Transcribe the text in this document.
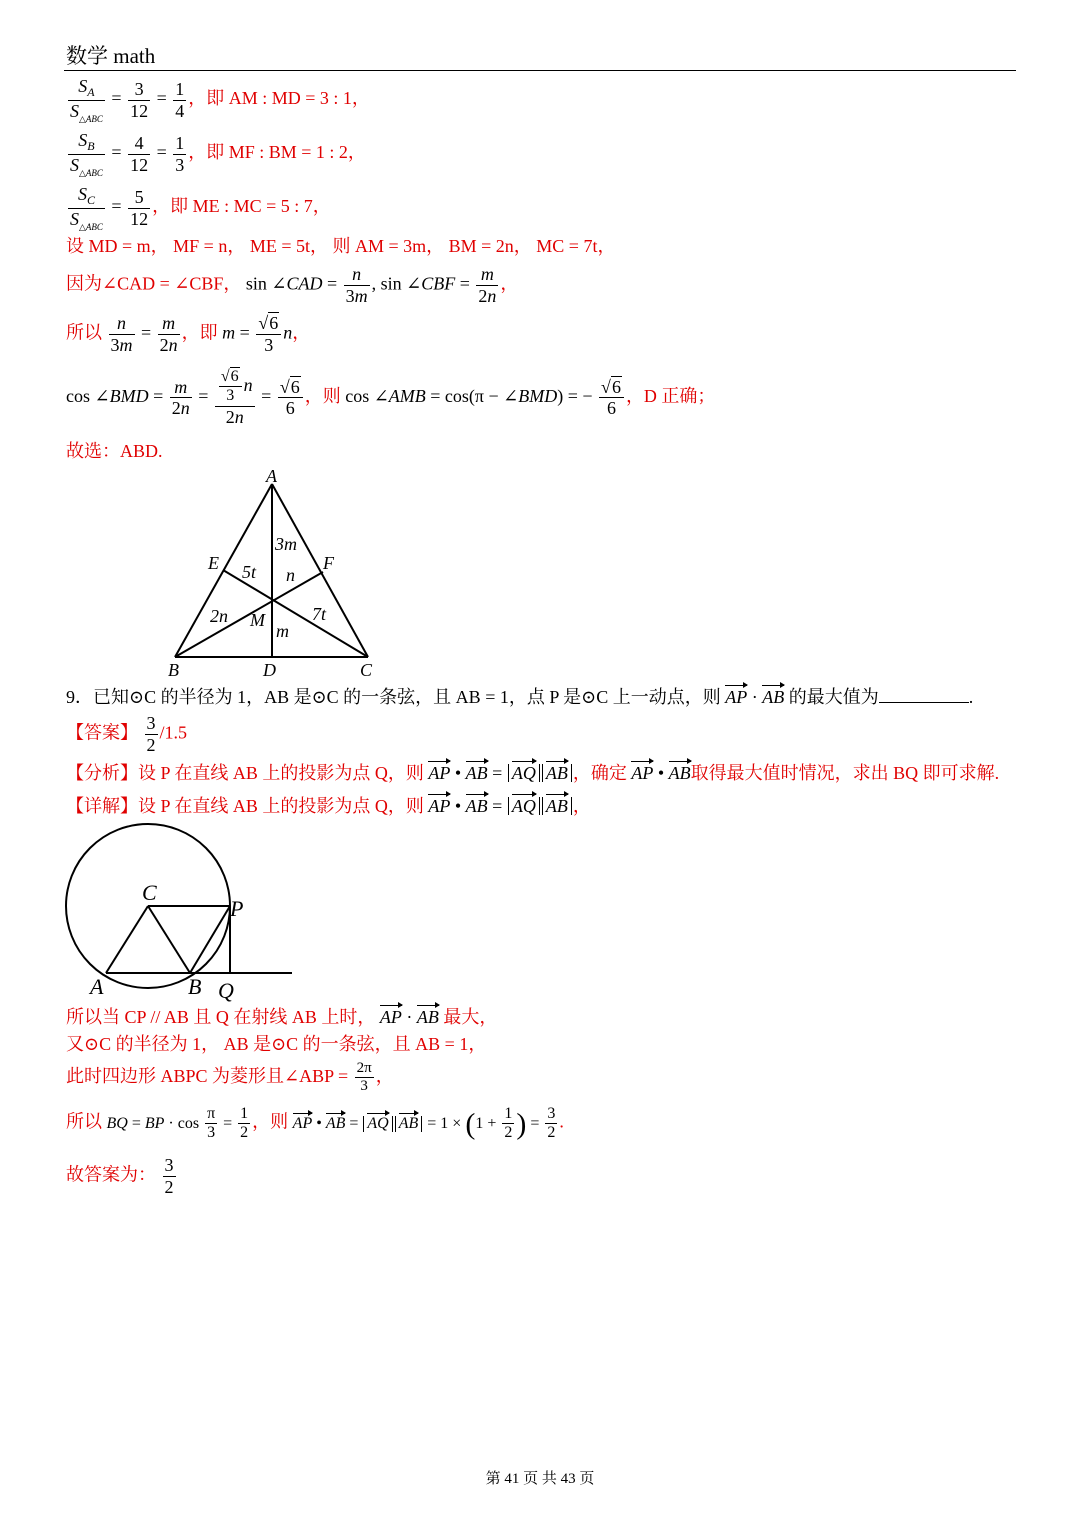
数学 math
$\frac{S_A}{S_{\triangle ABC}} = \frac{3}{12} = \frac{1}{4}$ ，即 AM : MD = 3 : 1，
$\frac{S_B}{S_{\triangle ABC}} = \frac{4}{12} = \frac{1}{3}$ ，即 MF : BM = 1 : 2，
$\frac{S_C}{S_{\triangle ABC}} = \frac{5}{12}$ ，即 ME : MC = 5 : 7，
设 MD = m， MF = n， ME = 5t， 则 AM = 3m， BM = 2n， MC = 7t，
因为∠CAD = ∠CBF， sin ∠CAD = $\frac{n}{3m}$ , sin ∠CBF = $\frac{m}{2n}$ ，
所以 $\frac{n}{3m} = \frac{m}{2n}$ ，即 $m = \frac{√6}{3}$ n，
cos ∠BMD = $\frac{m}{2n} = \frac{\frac{√6}{3} n}{2n} = \frac{√6}{6}$ ，则 cos ∠AMB = cos(π − ∠BMD) = − $\frac{√6}{6}$ ，D 正确；
故选：ABD.
A
B	C
D
E	F
M
3m
5t n
2n	7t
m
9．已知⊙C 的半径为 1，AB 是⊙C 的一条弦，且 AB = 1，点 P 是⊙C 上一动点，则 AP · AB 的最大值为	.
【答案】 $\frac{3}{2} /1.5$
【分析】设 P 在直线 AB 上的投影为点 Q，则 AP • AB = AQ AB ，确定 AP • AB取得最大值时情况，求出 BQ 即可求解.
【详解】设 P 在直线 AB 上的投影为点 Q，则 AP • AB = AQ AB ，
C
P
A	B Q
所以当 CP // AB 且 Q 在射线 AB 上时， AP · AB 最大，
又⊙C 的半径为 1， AB 是⊙C 的一条弦，且 AB = 1，
此时四边形 ABPC 为菱形且∠ABP = $\frac{2\pi}{3}$ ，
所以 BQ = BP · $\cos \frac{\pi}{3} = \frac{1}{2}$ ，则 AP • AB = AQ AB = $1 \times (1 + \frac{1}{2}$ ) = $\frac{3}{2}$ .
故答案为： $\frac{3}{2}$
第 41 页 共 43 页
